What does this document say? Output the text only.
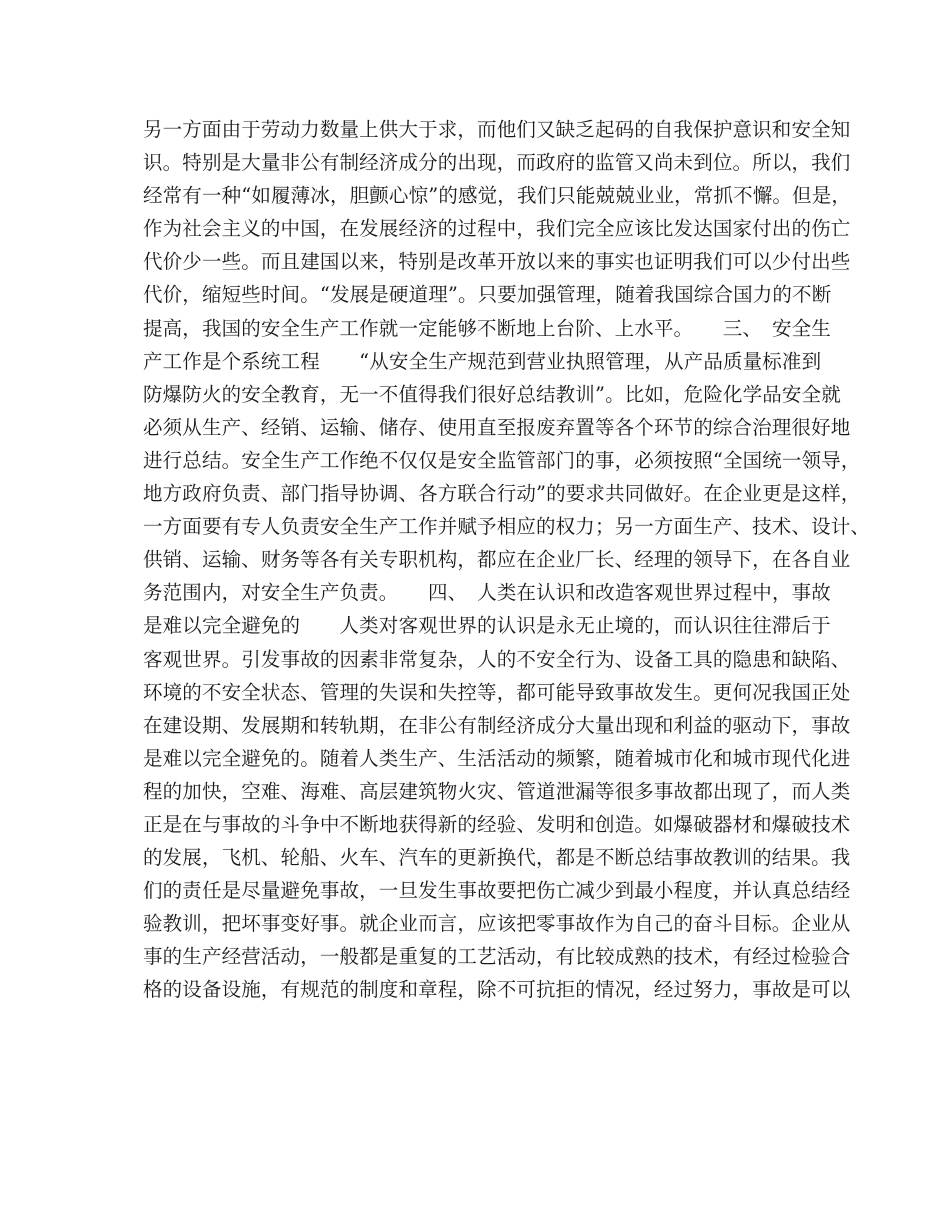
另一方面由于劳动力数量上供大于求，而他们又缺乏起码的自我保护意识和安全知
识。特别是大量非公有制经济成分的出现，而政府的监管又尚未到位。所以，我们
经常有一种“如履薄冰，胆颤心惊”的感觉，我们只能兢兢业业，常抓不懈。但是，
作为社会主义的中国，在发展经济的过程中，我们完全应该比发达国家付出的伤亡
代价少一些。而且建国以来，特别是改革开放以来的事实也证明我们可以少付出些
代价，缩短些时间。“发展是硬道理”。只要加强管理，随着我国综合国力的不断
提高，我国的安全生产工作就一定能够不断地上台阶、上水平。　　三、　安全生
产工作是个系统工程　　“从安全生产规范到营业执照管理，从产品质量标准到
防爆防火的安全教育，无一不值得我们很好总结教训”。比如，危险化学品安全就
必须从生产、经销、运输、储存、使用直至报废弃置等各个环节的综合治理很好地
进行总结。安全生产工作绝不仅仅是安全监管部门的事，必须按照“全国统一领导，
地方政府负责、部门指导协调、各方联合行动”的要求共同做好。在企业更是这样，
一方面要有专人负责安全生产工作并赋予相应的权力；另一方面生产、技术、设计、
供销、运输、财务等各有关专职机构，都应在企业厂长、经理的领导下，在各自业
务范围内，对安全生产负责。　　四、　人类在认识和改造客观世界过程中，事故
是难以完全避免的　　人类对客观世界的认识是永无止境的，而认识往往滞后于
客观世界。引发事故的因素非常复杂，人的不安全行为、设备工具的隐患和缺陷、
环境的不安全状态、管理的失误和失控等，都可能导致事故发生。更何况我国正处
在建设期、发展期和转轨期，在非公有制经济成分大量出现和利益的驱动下，事故
是难以完全避免的。随着人类生产、生活活动的频繁，随着城市化和城市现代化进
程的加快，空难、海难、高层建筑物火灾、管道泄漏等很多事故都出现了，而人类
正是在与事故的斗争中不断地获得新的经验、发明和创造。如爆破器材和爆破技术
的发展，飞机、轮船、火车、汽车的更新换代，都是不断总结事故教训的结果。我
们的责任是尽量避免事故，一旦发生事故要把伤亡减少到最小程度，并认真总结经
验教训，把坏事变好事。就企业而言，应该把零事故作为自己的奋斗目标。企业从
事的生产经营活动，一般都是重复的工艺活动，有比较成熟的技术，有经过检验合
格的设备设施，有规范的制度和章程，除不可抗拒的情况，经过努力，事故是可以
